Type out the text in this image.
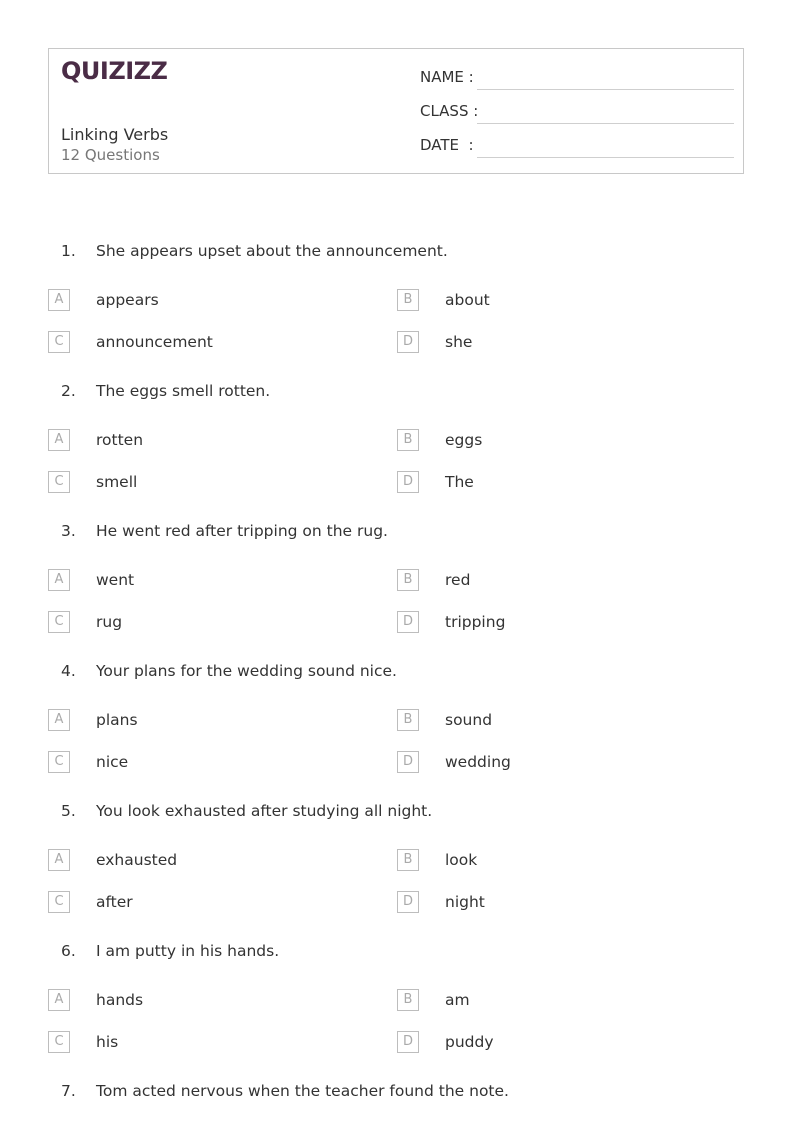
QUIZIZZ
Linking Verbs
12 Questions
NAME :
CLASS :
DATE  :
1. She appears upset about the announcement.
A	appears	B	about
C	announcement	D	she
2. The eggs smell rotten.
A	rotten	B	eggs
C	smell	D	The
3. He went red after tripping on the rug.
A	went	B	red
C	rug	D	tripping
4. Your plans for the wedding sound nice.
A	plans	B	sound
C	nice	D	wedding
5. You look exhausted after studying all night.
A	exhausted	B	look
C	after	D	night
6. I am putty in his hands.
A	hands	B	am
C	his	D	puddy
7. Tom acted nervous when the teacher found the note.
